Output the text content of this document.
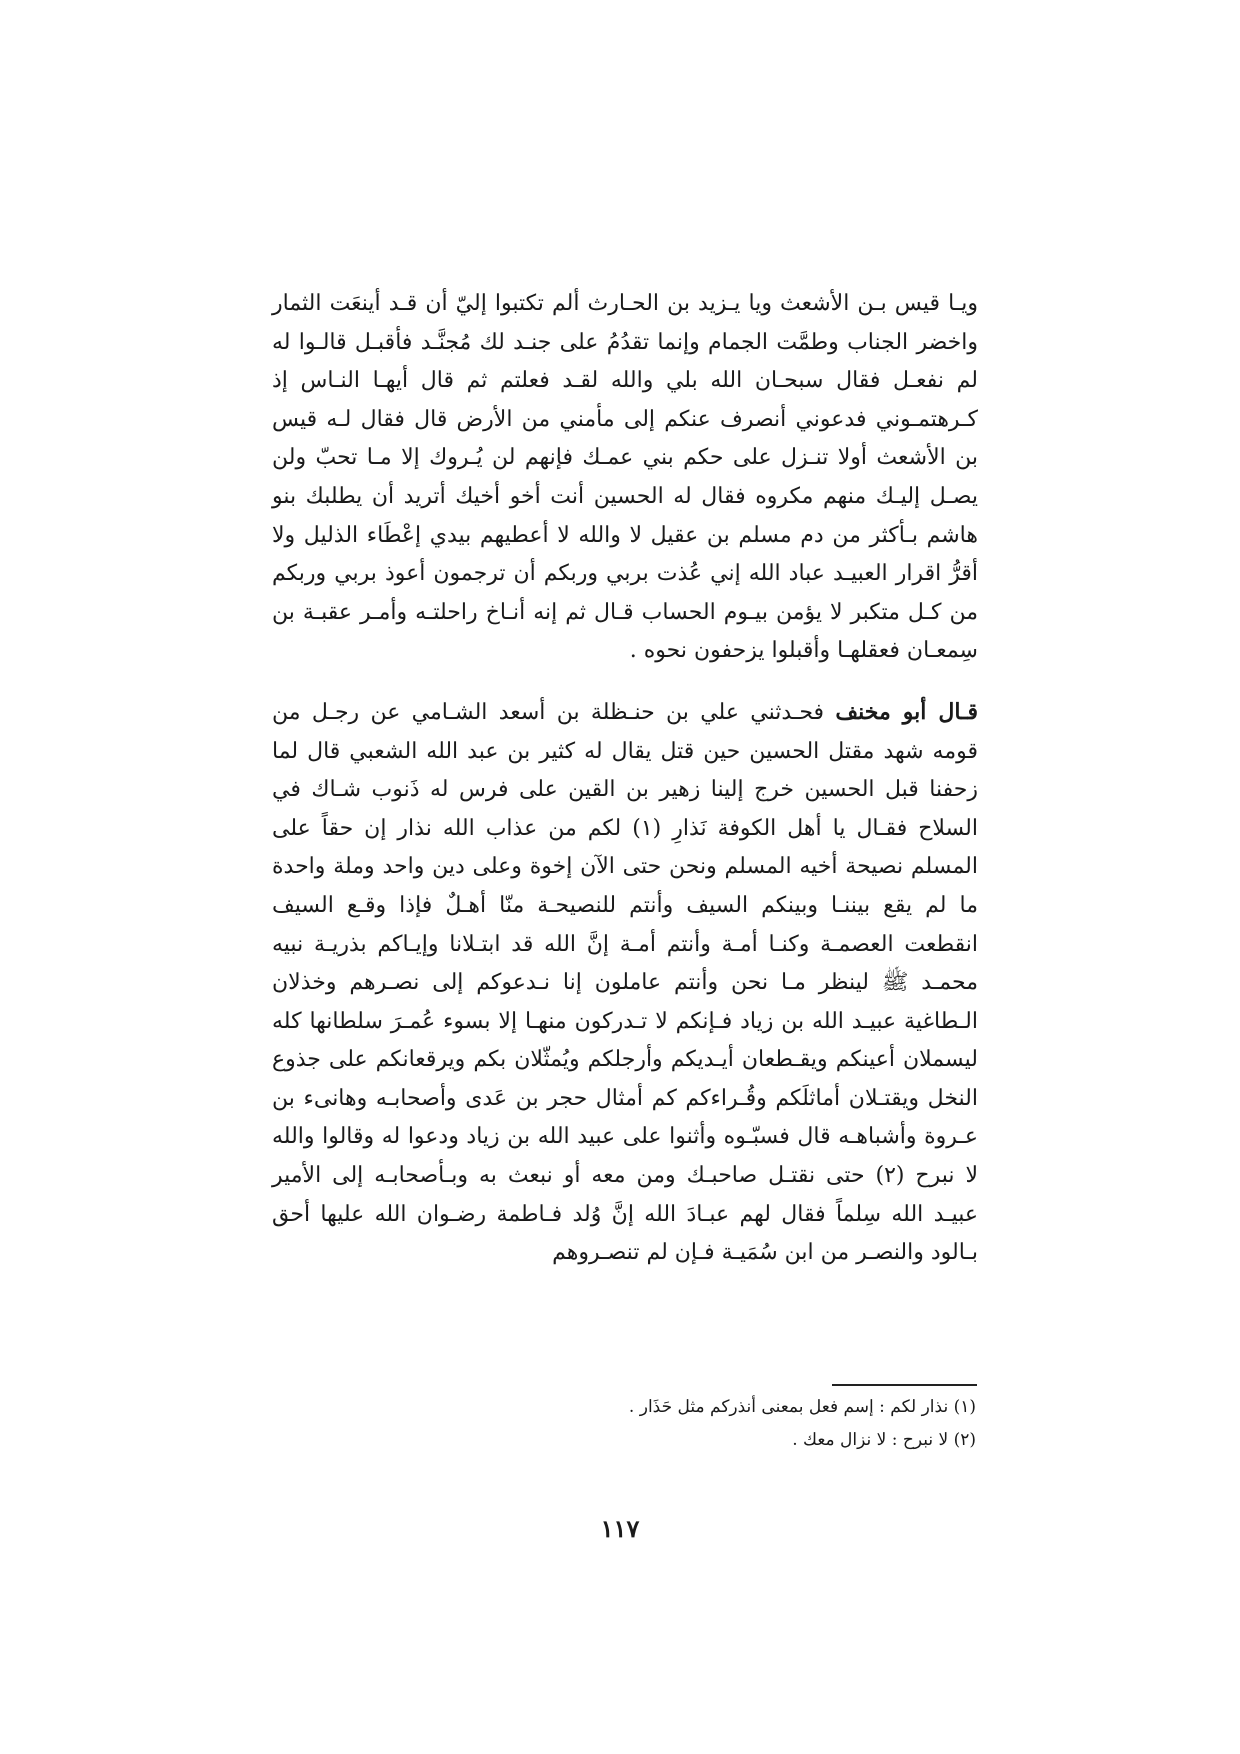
ويـا قيس بـن الأشعث ويا يـزيد بن الحـارث ألم تكتبوا إليّ أن قـد أينعَت الثمار واخضر الجناب وطمَّت الجمام وإنما تقدُمُ على جنـد لك مُجنَّـد فأقبـل قالـوا له لم نفعـل فقال سبحـان الله بلي والله لقـد فعلتم ثم قال أيهـا النـاس إذ كـرهتمـوني فدعوني أنصرف عنكم إلى مأمني من الأرض قال فقال لـه قيس بن الأشعث أولا تنـزل على حكم بني عمـك فإنهم لن يُـروك إلا مـا تحبّ ولن يصـل إليـك منهم مكروه فقال له الحسين أنت أخو أخيك أتريد أن يطلبك بنو هاشم بـأكثر من دم مسلم بن عقيل لا والله لا أعطيهم بيدي إعْطَاء الذليل ولا أقرُّ اقرار العبيـد عباد الله إني عُذت بربي وربكم أن ترجمون أعوذ بربي وربكم من كـل متكبر لا يؤمن بيـوم الحساب قـال ثم إنه أنـاخ راحلتـه وأمـر عقبـة بن سِمعـان فعقلهـا وأقبلوا يزحفون نحوه .

قـال أبو مخنف فحـدثني علي بن حنـظلة بن أسعد الشـامي عن رجـل من قومه شهد مقتل الحسين حين قتل يقال له كثير بن عبد الله الشعبي قال لما زحفنا قبل الحسين خرج إلينا زهير بن القين على فرس له ذَنوب شـاك في السلاح فقـال يا أهل الكوفة نَذارِ (١) لكم من عذاب الله نذار إن حقاً على المسلم نصيحة أخيه المسلم ونحن حتى الآن إخوة وعلى دين واحد وملة واحدة ما لم يقع بيننـا وبينكم السيف وأنتم للنصيحـة منّا أهـلٌ فإذا وقـع السيف انقطعت العصمـة وكنـا أمـة وأنتم أمـة إنَّ الله قد ابتـلانا وإيـاكم بذريـة نبيه محمـد ﷺ لينظر مـا نحن وأنتم عاملون إنا نـدعوكم إلى نصـرهم وخذلان الـطاغية عبيـد الله بن زياد فـإنكم لا تـدركون منهـا إلا بسوء عُمـرَ سلطانها كله ليسملان أعينكم ويقـطعان أيـديكم وأرجلكم ويُمثّلان بكم ويرقعانكم على جذوع النخل ويقتـلان أماثلَكم وقُـراءكم كم أمثال حجر بن عَدى وأصحابـه وهانىء بن عـروة وأشباهـه قال فسبّـوه وأثنوا على عبيد الله بن زياد ودعوا له وقالوا والله لا نبرح (٢) حتى نقتـل صاحبـك ومن معه أو نبعث به وبـأصحابـه إلى الأمير عبيـد الله سِلماً فقال لهم عبـادَ الله إنَّ وُلد فـاطمة رضـوان الله عليها أحق بـالود والنصـر من ابن سُمَيـة فـإن لم تنصـروهم

(١) نذار لكم : إسم فعل بمعنى أنذركم مثل حَذَار .

(٢) لا نبرح : لا نزال معك .

١١٧
